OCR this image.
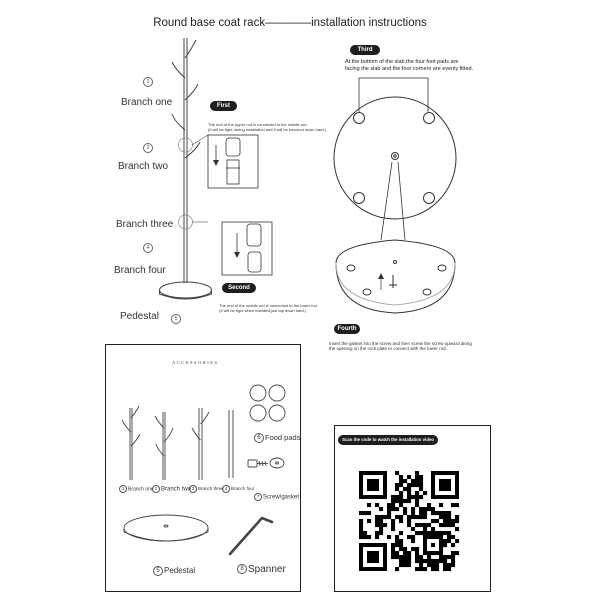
Round base coat rack————installation instructions
1
Branch one
2
Branch two
Branch three
4
Branch four
Pedestal	5
First
The end of the upper rod is connected to the middle rod.
(It will be tight during installation and it will be knocked down hard.)
Second
The end of the middle rod is connected to the lower rod
(It will be tight when installed,just tap down hard.)
Third
At the bottom of the slab,the four foot pads are
facing the slab and the four corners are evenly fitted.
Fourth
Insert the gasket into the screw and then screw the screw upward along
the opening on the rock plate to connect with the lower rod.
ACCESSORIES
1 Branch one 2 Branch two 3 Branch three 4 Branch four
6 Food pads
7 Screw/gasket
5 Pedestal	8 Spanner
Scan the code to watch the installation video
